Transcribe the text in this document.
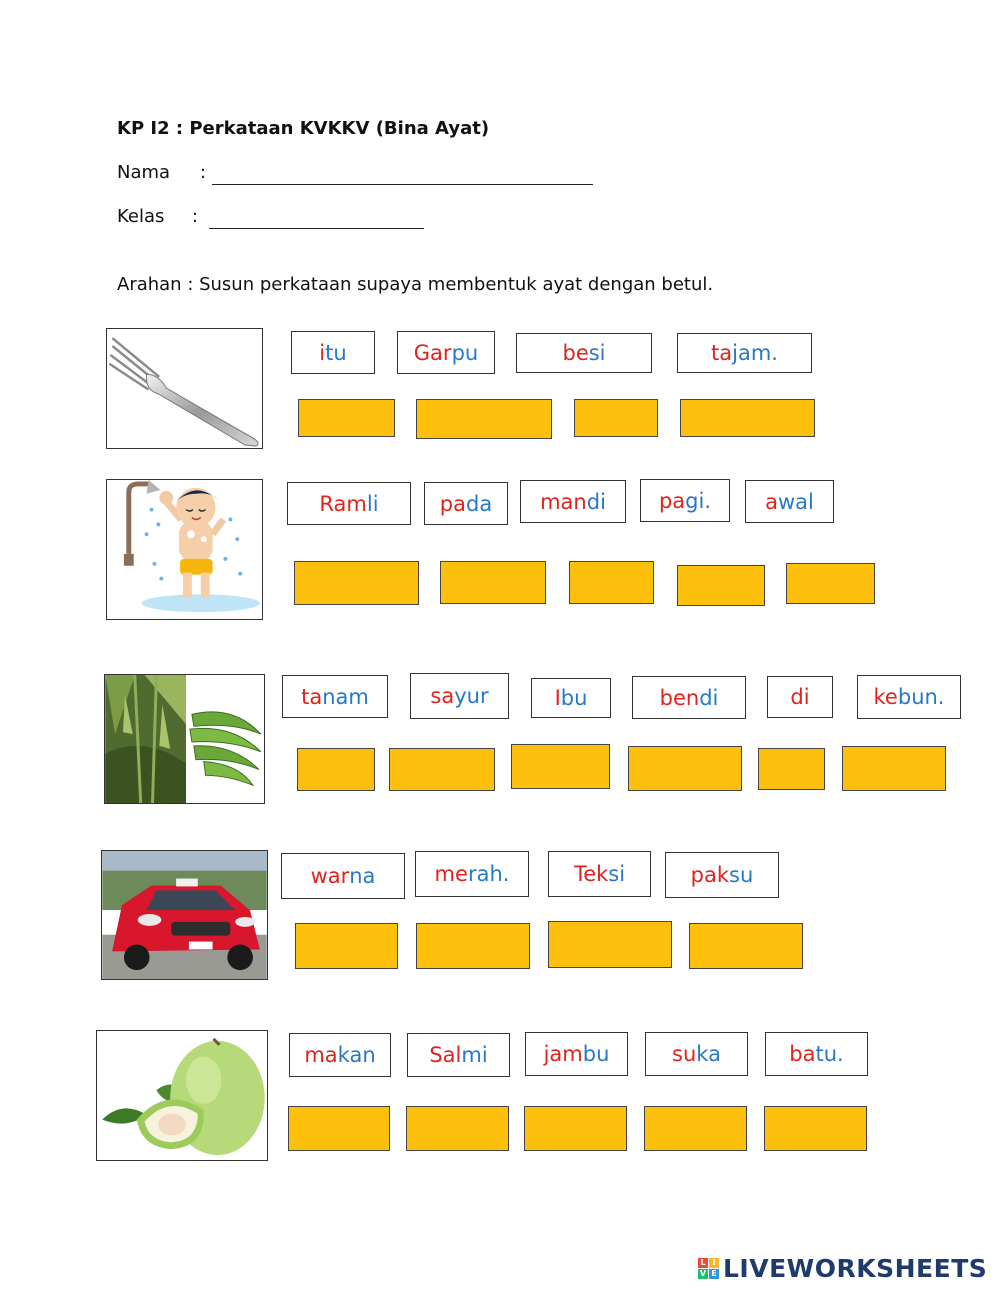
KP I2 : Perkataan KVKKV (Bina Ayat)
Nama :
Kelas :
Arahan : Susun perkataan supaya membentuk ayat dengan betul.
i tu	Gar pu	be si	ta jam.
Ram li	pa da man di	pa gi.	a wal
ta nam	sa yur	I bu	ben di	di	ke bun.
war na	me rah.	Tek si	pak su
ma kan	Sal mi	jam bu	su ka	ba tu.
L I
V E LIVEWORKSHEETS
